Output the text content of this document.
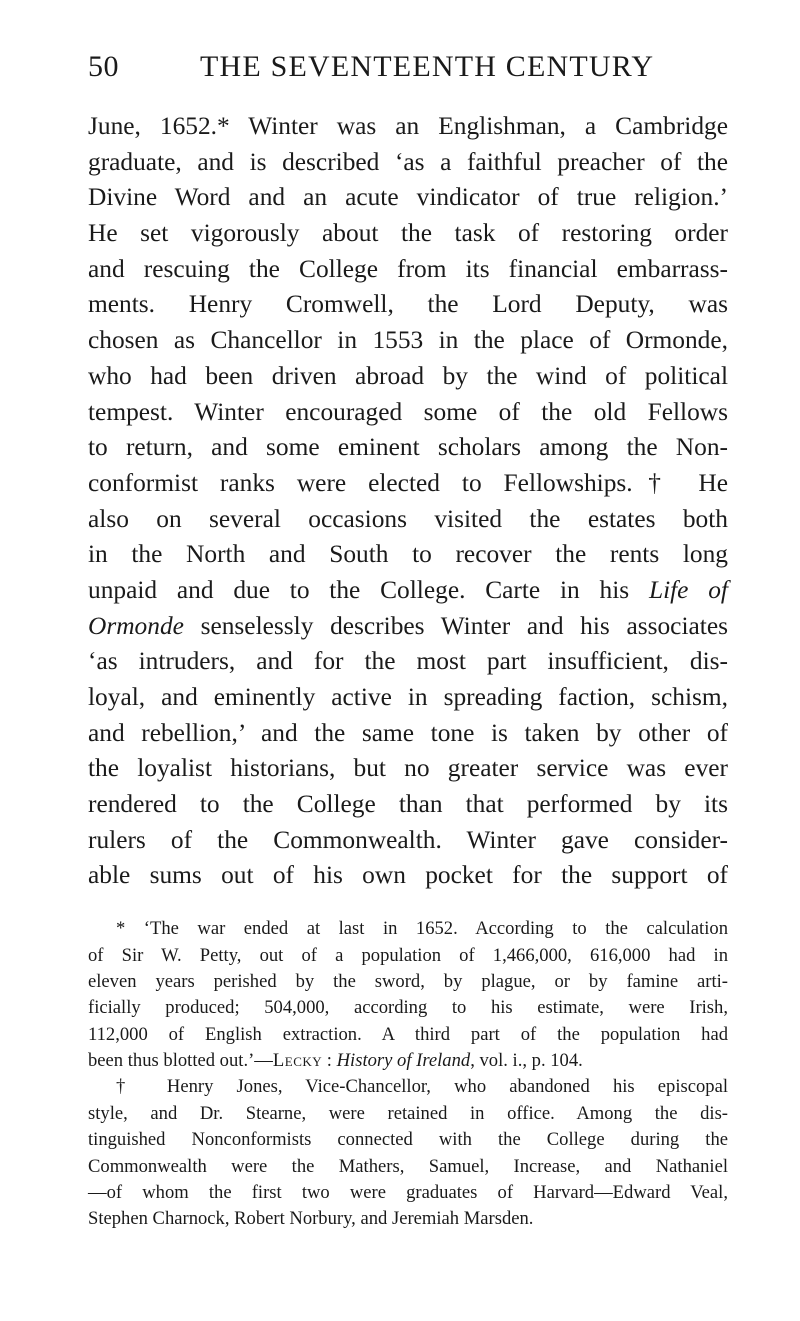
50	THE SEVENTEENTH CENTURY
June, 1652.* Winter was an Englishman, a Cambridge
graduate, and is described ‘as a faithful preacher of the
Divine Word and an acute vindicator of true religion.’
He set vigorously about the task of restoring order
and rescuing the College from its financial embarrass-
ments. Henry Cromwell, the Lord Deputy, was
chosen as Chancellor in 1553 in the place of Ormonde,
who had been driven abroad by the wind of political
tempest. Winter encouraged some of the old Fellows
to return, and some eminent scholars among the Non-
conformist ranks were elected to Fellowships.† He
also on several occasions visited the estates both
in the North and South to recover the rents long
unpaid and due to the College. Carte in his Life of
Ormonde senselessly describes Winter and his associates
‘as intruders, and for the most part insufficient, dis-
loyal, and eminently active in spreading faction, schism,
and rebellion,’ and the same tone is taken by other of
the loyalist historians, but no greater service was ever
rendered to the College than that performed by its
rulers of the Commonwealth. Winter gave consider-
able sums out of his own pocket for the support of
* ‘The war ended at last in 1652. According to the calculation
of Sir W. Petty, out of a population of 1,466,000, 616,000 had in
eleven years perished by the sword, by plague, or by famine arti-
ficially produced; 504,000, according to his estimate, were Irish,
112,000 of English extraction. A third part of the population had
been thus blotted out.’—Lecky : History of Ireland, vol. i., p. 104.
† Henry Jones, Vice-Chancellor, who abandoned his episcopal
style, and Dr. Stearne, were retained in office. Among the dis-
tinguished Nonconformists connected with the College during the
Commonwealth were the Mathers, Samuel, Increase, and Nathaniel
—of whom the first two were graduates of Harvard—Edward Veal,
Stephen Charnock, Robert Norbury, and Jeremiah Marsden.
